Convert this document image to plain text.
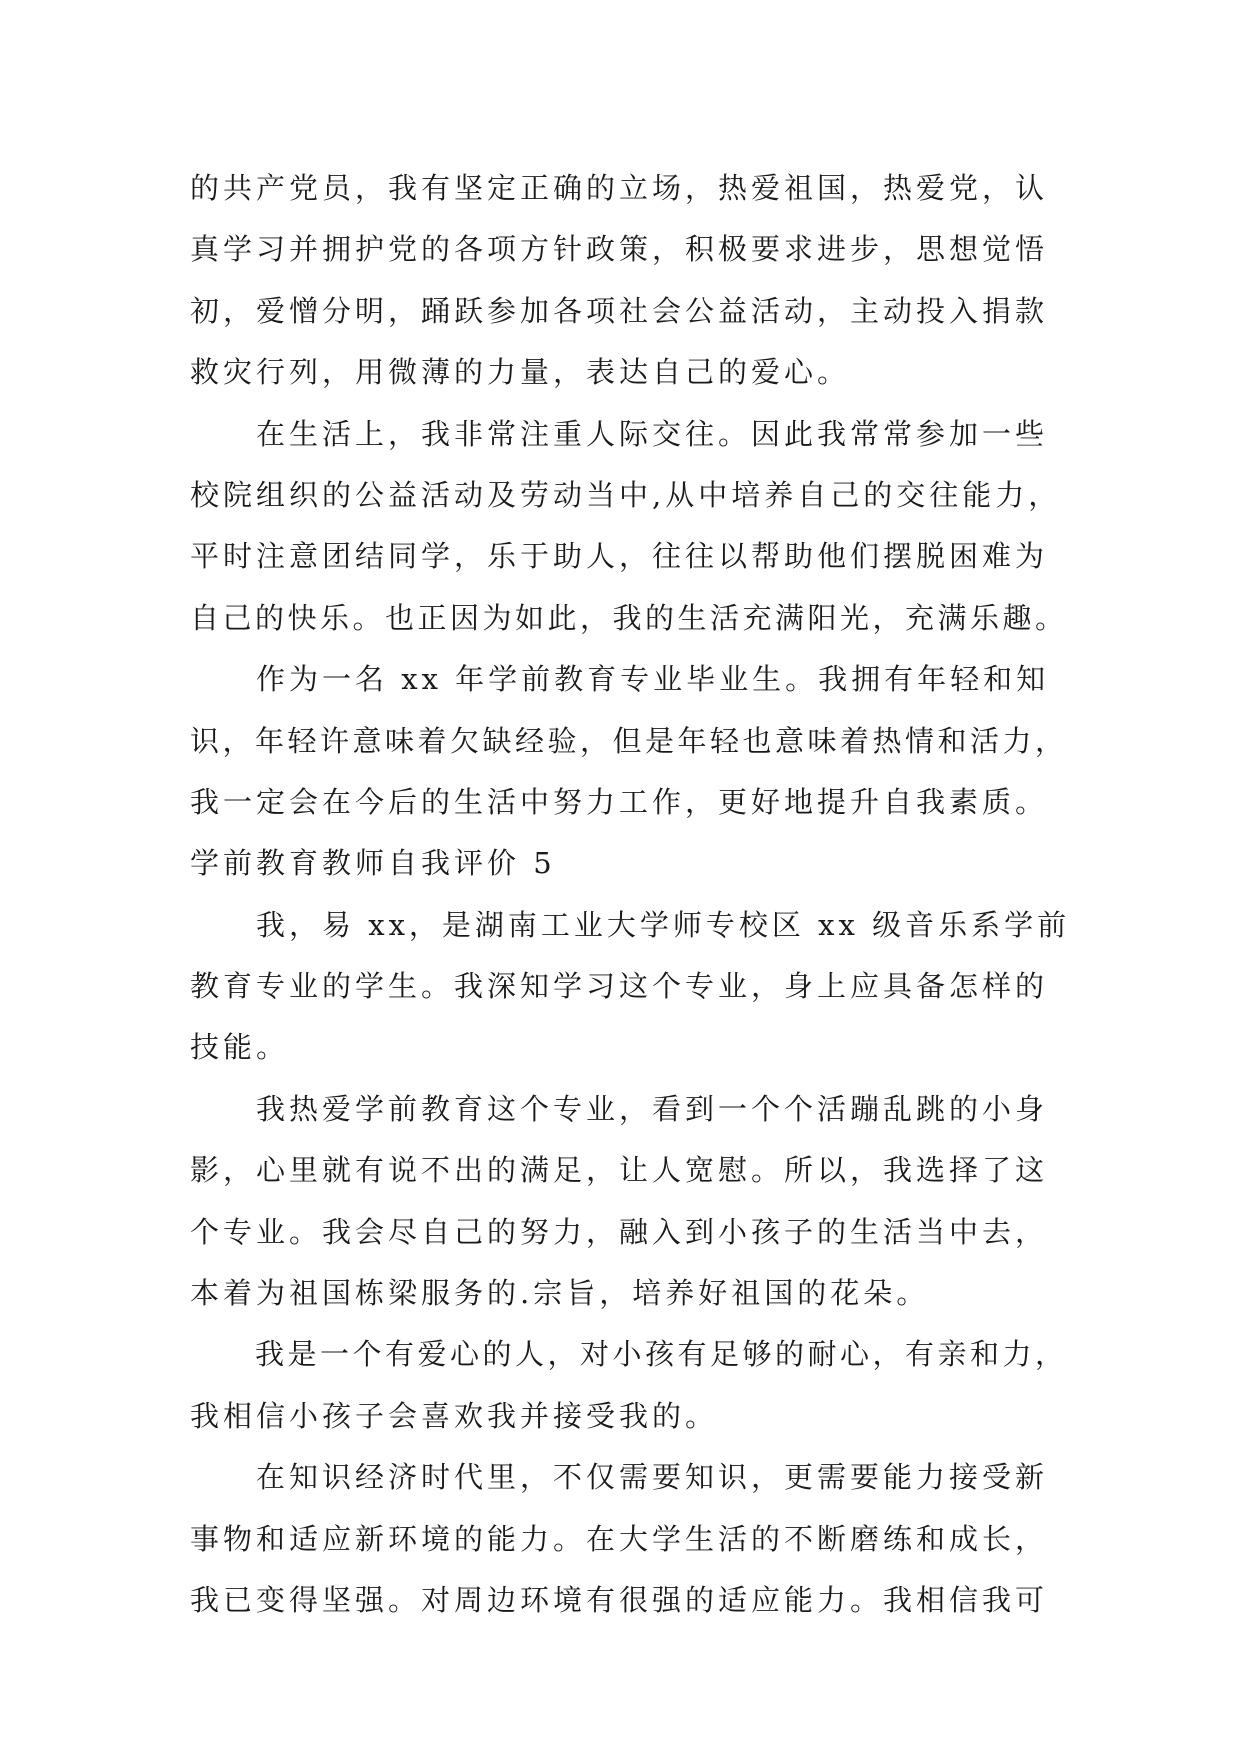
的共产党员，我有坚定正确的立场，热爱祖国，热爱党，认
真学习并拥护党的各项方针政策，积极要求进步，思想觉悟
初，爱憎分明，踊跃参加各项社会公益活动，主动投入捐款
救灾行列，用微薄的力量，表达自己的爱心。
　　在生活上，我非常注重人际交往。因此我常常参加一些
校院组织的公益活动及劳动当中,从中培养自己的交往能力，
平时注意团结同学，乐于助人，往往以帮助他们摆脱困难为
自己的快乐。也正因为如此，我的生活充满阳光，充满乐趣。
　　作为一名 xx 年学前教育专业毕业生。我拥有年轻和知
识，年轻许意味着欠缺经验，但是年轻也意味着热情和活力，
我一定会在今后的生活中努力工作，更好地提升自我素质。
学前教育教师自我评价 5
　　我，易 xx，是湖南工业大学师专校区 xx 级音乐系学前
教育专业的学生。我深知学习这个专业，身上应具备怎样的
技能。
　　我热爱学前教育这个专业，看到一个个活蹦乱跳的小身
影，心里就有说不出的满足，让人宽慰。所以，我选择了这
个专业。我会尽自己的努力，融入到小孩子的生活当中去，
本着为祖国栋梁服务的.宗旨，培养好祖国的花朵。
　　我是一个有爱心的人，对小孩有足够的耐心，有亲和力，
我相信小孩子会喜欢我并接受我的。
　　在知识经济时代里，不仅需要知识，更需要能力接受新
事物和适应新环境的能力。在大学生活的不断磨练和成长，
我已变得坚强。对周边环境有很强的适应能力。我相信我可
